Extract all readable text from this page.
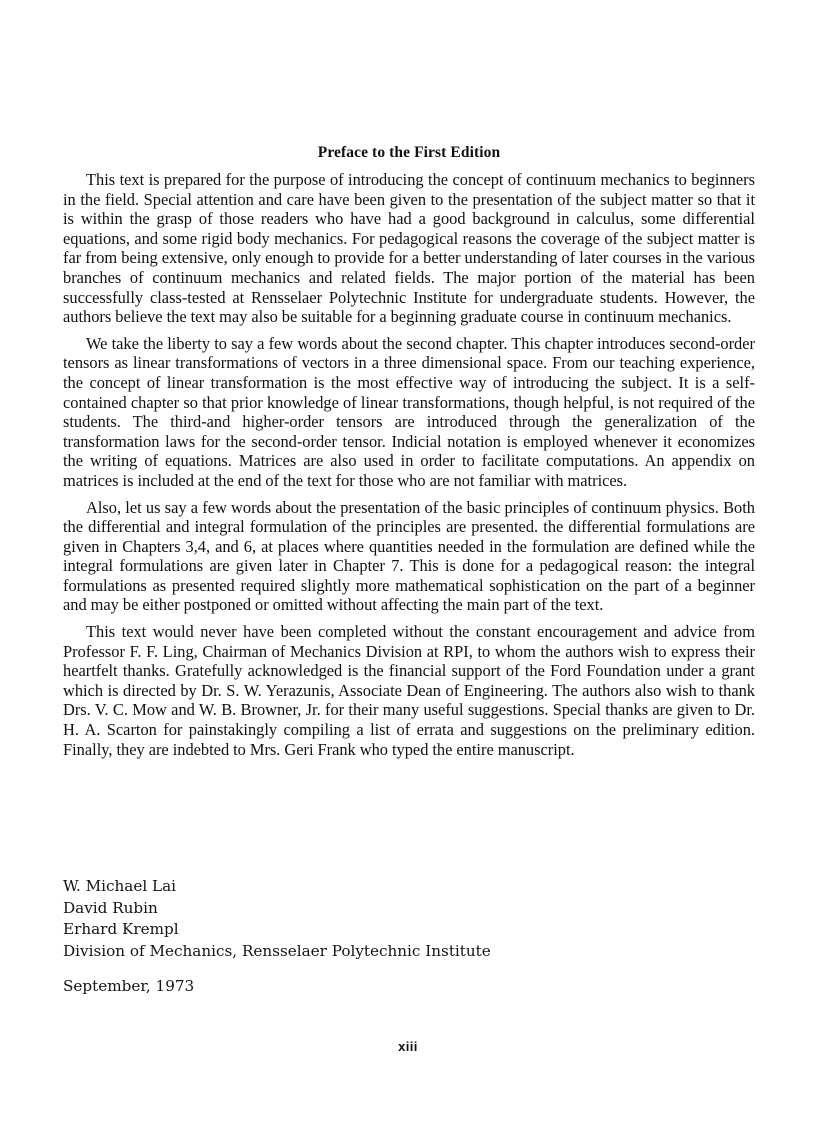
Preface to the First Edition

This text is prepared for the purpose of introducing the concept of continuum mechanics to beginners in the field. Special attention and care have been given to the presentation of the subject matter so that it is within the grasp of those readers who have had a good background in calculus, some differential equations, and some rigid body mechanics. For pedagogical reasons the coverage of the subject matter is far from being extensive, only enough to provide for a better understanding of later courses in the various branches of continuum mechanics and related fields. The major portion of the material has been successfully class-tested at Rensselaer Polytechnic Institute for undergraduate students. However, the authors believe the text may also be suitable for a beginning graduate course in continuum mechanics.

We take the liberty to say a few words about the second chapter. This chapter introduces second-order tensors as linear transformations of vectors in a three dimensional space. From our teaching experience, the concept of linear transformation is the most effective way of introducing the subject. It is a self-contained chapter so that prior knowledge of linear transformations, though helpful, is not required of the students. The third-and higher-order tensors are introduced through the generalization of the transformation laws for the second-order tensor. Indicial notation is employed whenever it economizes the writing of equations. Matrices are also used in order to facilitate computations. An appendix on matrices is included at the end of the text for those who are not familiar with matrices.

Also, let us say a few words about the presentation of the basic principles of continuum physics. Both the differential and integral formulation of the principles are presented. the differential formulations are given in Chapters 3,4, and 6, at places where quantities needed in the formulation are defined while the integral formulations are given later in Chapter 7. This is done for a pedagogical reason: the integral formulations as presented required slightly more mathematical sophistication on the part of a beginner and may be either postponed or omitted without affecting the main part of the text.

This text would never have been completed without the constant encouragement and advice from Professor F. F. Ling, Chairman of Mechanics Division at RPI, to whom the authors wish to express their heartfelt thanks. Gratefully acknowledged is the financial support of the Ford Foundation under a grant which is directed by Dr. S. W. Yerazunis, Associate Dean of Engineering. The authors also wish to thank Drs. V. C. Mow and W. B. Browner, Jr. for their many useful suggestions. Special thanks are given to Dr. H. A. Scarton for painstakingly compiling a list of errata and suggestions on the preliminary edition. Finally, they are indebted to Mrs. Geri Frank who typed the entire manuscript.

W. Michael Lai
David Rubin
Erhard Krempl
Division of Mechanics, Rensselaer Polytechnic Institute
September, 1973
xiii
